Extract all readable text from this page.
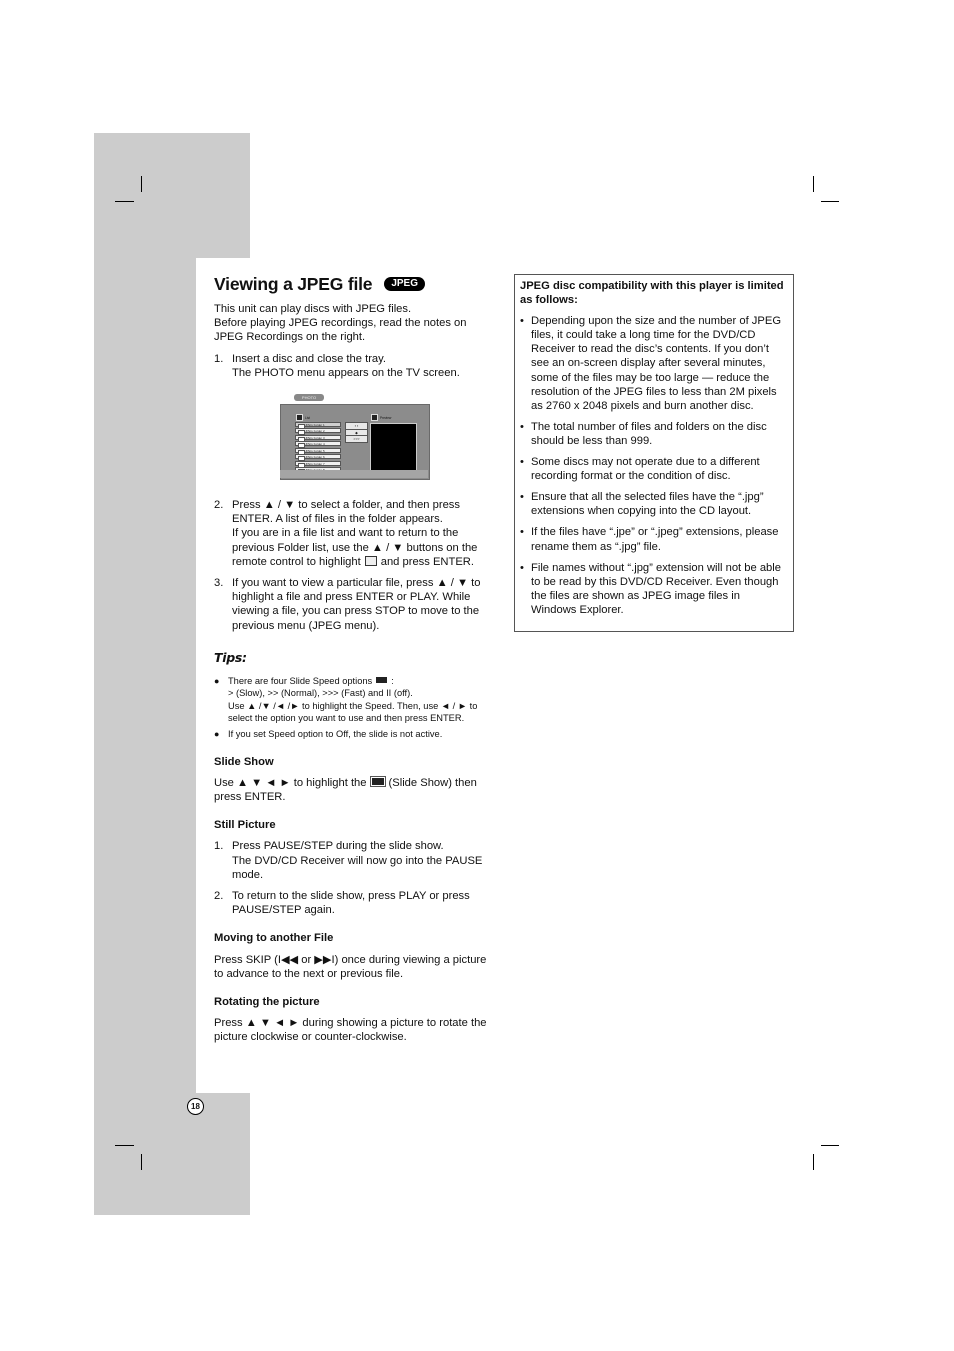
Viewing a JPEG file	JPEG

This unit can play discs with JPEG files.

Before playing JPEG recordings, read the notes on JPEG Recordings on the right.

1. Insert a disc and close the tray.

The PHOTO menu appears on the TV screen.

PHOTO
List	Preview
JPEG Folder 1
JPEG Folder 2
JPEG Folder 3
JPEG Folder 4
JPEG Folder 5
JPEG Folder 6
JPEG Folder 7
▪ ▪
◆
>>>
2. Press ▲ / ▼ to select a folder, and then press ENTER. A list of files in the folder appears.

If you are in a file list and want to return to the previous Folder list, use the ▲ / ▼ buttons on the remote control to highlight and press ENTER.

3. If you want to view a particular file, press ▲ / ▼ to highlight a file and press ENTER or PLAY. While viewing a file, you can press STOP to move to the previous menu (JPEG menu).

Tips:
● There are four Slide Speed options :

> (Slow), >> (Normal), >>> (Fast) and II (off).

Use ▲ /▼ /◄ /► to highlight the Speed. Then, use ◄ / ► to select the option you want to use and then press ENTER.

● If you set Speed option to Off, the slide is not active.

Slide Show

Use ▲ ▼ ◄ ► to highlight the (Slide Show) then press ENTER.

Still Picture
1. Press PAUSE/STEP during the slide show.

The DVD/CD Receiver will now go into the PAUSE mode.

2. To return to the slide show, press PLAY or press PAUSE/STEP again.

Moving to another File

Press SKIP (I◀◀ or ▶▶I) once during viewing a picture to advance to the next or previous file.

Rotating the picture

Press ▲ ▼ ◄ ► during showing a picture to rotate the picture clockwise or counter-clockwise.

JPEG disc compatibility with this player is limited as follows:

• Depending upon the size and the number of JPEG files, it could take a long time for the DVD/CD Receiver to read the disc’s contents. If you don’t see an on-screen display after several minutes, some of the files may be too large — reduce the resolution of the JPEG files to less than 2M pixels as 2760 x 2048 pixels and burn another disc.
• The total number of files and folders on the disc should be less than 999.
• Some discs may not operate due to a different recording format or the condition of disc.
• Ensure that all the selected files have the “.jpg” extensions when copying into the CD layout.
• If the files have “.jpe” or “.jpeg” extensions, please rename them as “.jpg” file.
• File names without “.jpg” extension will not be able to be read by this DVD/CD Receiver. Even though the files are shown as JPEG image files in Windows Explorer.
18
